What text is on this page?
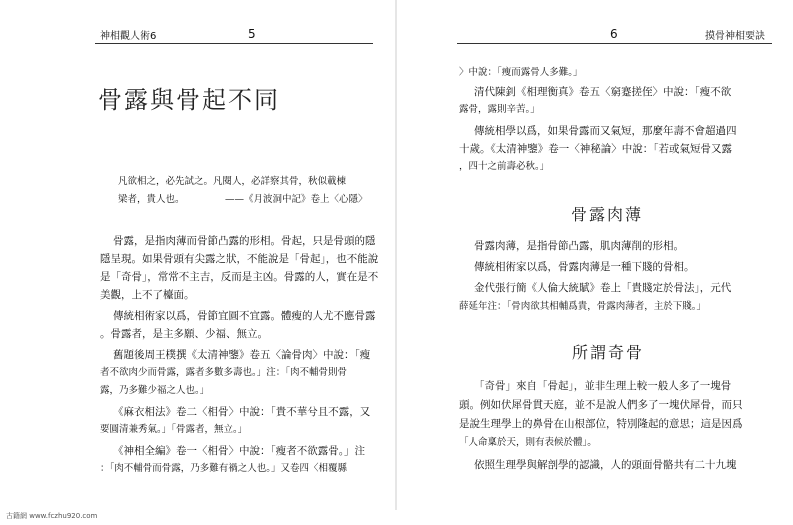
神相觀人術6	5
骨露與骨起不同
凡欲相之，必先試之。凡閱人，必詳察其骨，秋似載棟
梁者，貴人也。	——《月波洞中記》卷上〈心隱〉
骨露，是指肉薄而骨節凸露的形相。骨起，只是骨頭的隱
隱呈現。如果骨頭有尖露之狀，不能說是「骨起」，也不能說
是「奇骨」，常常不主吉，反而是主凶。骨露的人，實在是不
美觀，上不了檯面。
傳統相術家以爲，骨節宜圓不宜露。體瘦的人尤不應骨露
。骨露者，是主多願、少福、無立。
舊題後周王樸撰《太清神鑒》卷五〈論骨肉〉中說：「瘦
者不欲肉少而骨露，露者多數多壽也。」注：「肉不輔骨則骨
露，乃多難少福之人也。」
《麻衣相法》卷二〈相骨〉中說：「貴不華兮且不露，又
要圓清兼秀氣。」「骨露者，無立。」
《神相全編》卷一〈相骨〉中說：「瘦者不欲露骨。」注
：「肉不輔骨而骨露，乃多難有禍之人也。」又卷四〈相覆縣
6	摸骨神相要訣
〉中說：「瘦而露骨人多難。」
清代陳釗《相理衡真》卷五〈窮蹇搓侄〉中說：「瘦不欲
露骨，露則辛苦。」
傳統相學以爲，如果骨露而又氣短，那麼年壽不會超過四
十歲。《太清神鑒》卷一〈神秘論〉中說：「若或氣短骨又露
，四十之前壽必秋。」
骨露肉薄
骨露肉薄，是指骨節凸露，肌肉薄削的形相。
傳統相術家以爲，骨露肉薄是一種下賤的骨相。
金代張行簡《人倫大統賦》卷上「貴賤定於骨法」，元代
薛延年注：「骨肉欲其相輔爲貴，骨露肉薄者，主於下賤。」
所謂奇骨
「奇骨」來自「骨起」，並非生理上較一般人多了一塊骨
頭。例如伏犀骨貫天庭，並不是說人們多了一塊伏犀骨，而只
是說生理學上的鼻骨在山根部位，特別隆起的意思；這是因爲
「人命稟於天，則有表候於體」。
依照生理學與解剖學的認識，人的頭面骨骼共有二十九塊
古籍網 www.fczhu920.com
